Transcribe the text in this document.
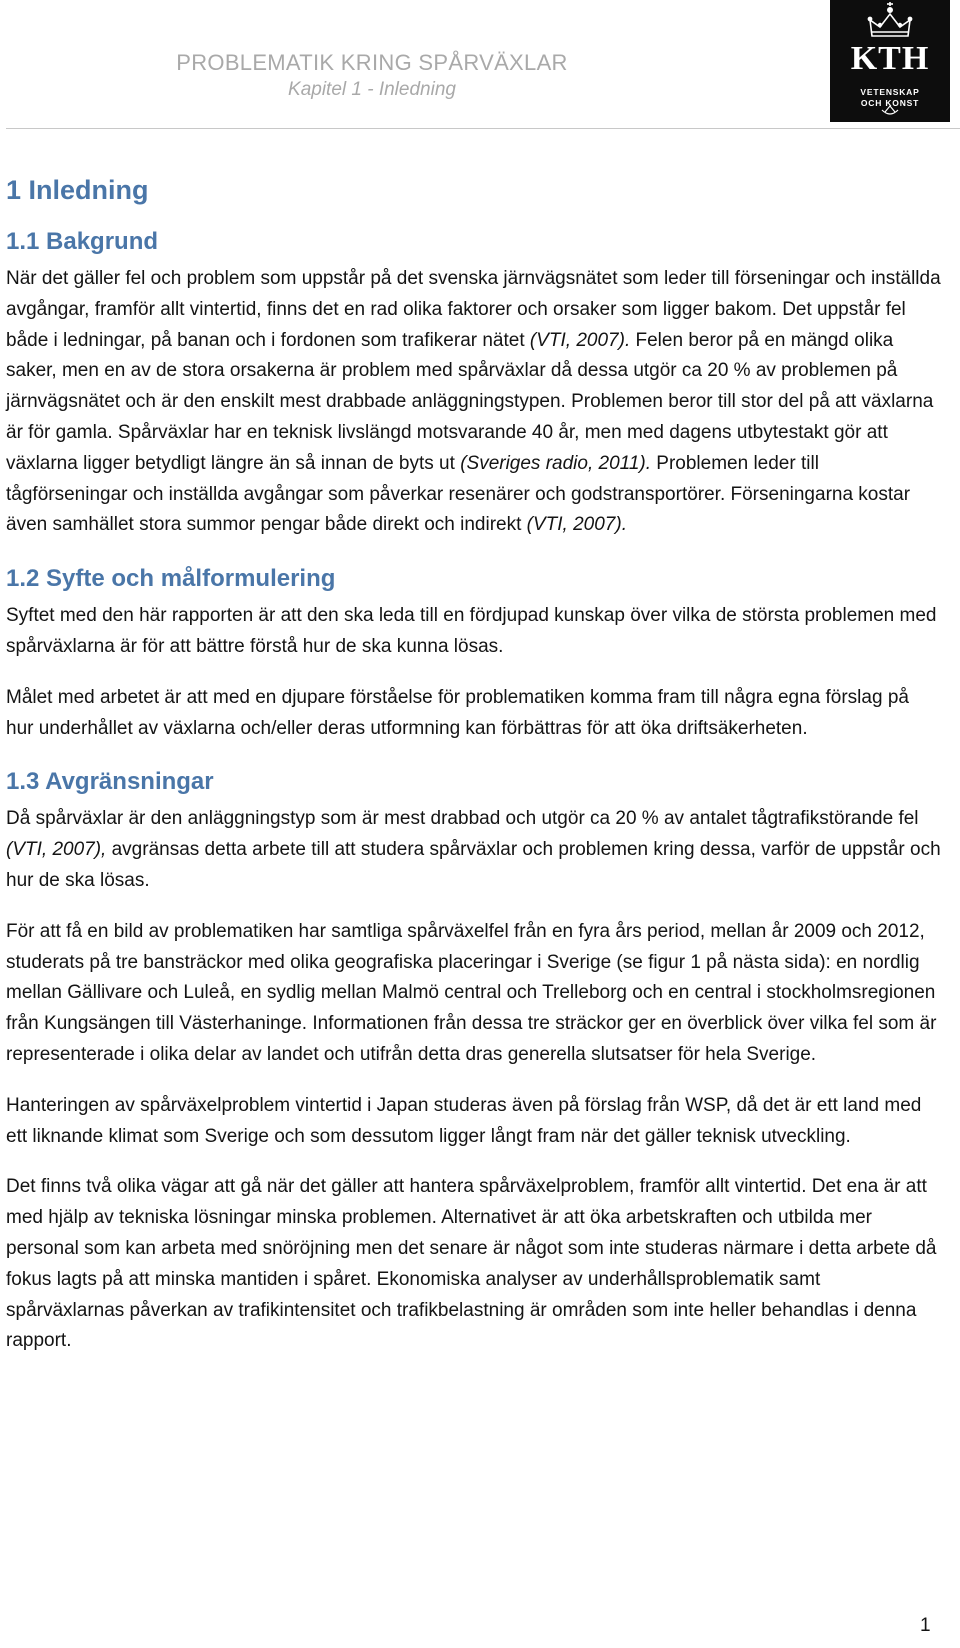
PROBLEMATIK KRING SPÅRVÄXLAR
Kapitel 1 - Inledning
KTH
VETENSKAP
OCH KONST
1 Inledning
1.1 Bakgrund

När det gäller fel och problem som uppstår på det svenska järnvägsnätet som leder till förseningar och inställda avgångar, framför allt vintertid, finns det en rad olika faktorer och orsaker som ligger bakom. Det uppstår fel både i ledningar, på banan och i fordonen som trafikerar nätet (VTI, 2007). Felen beror på en mängd olika saker, men en av de stora orsakerna är problem med spårväxlar då dessa utgör ca 20 % av problemen på järnvägsnätet och är den enskilt mest drabbade anläggningstypen. Problemen beror till stor del på att växlarna är för gamla. Spårväxlar har en teknisk livslängd motsvarande 40 år, men med dagens utbytestakt gör att växlarna ligger betydligt längre än så innan de byts ut (Sveriges radio, 2011). Problemen leder till tågförseningar och inställda avgångar som påverkar resenärer och godstransportörer. Förseningarna kostar även samhället stora summor pengar både direkt och indirekt (VTI, 2007).

1.2 Syfte och målformulering

Syftet med den här rapporten är att den ska leda till en fördjupad kunskap över vilka de största problemen med spårväxlarna är för att bättre förstå hur de ska kunna lösas.

Målet med arbetet är att med en djupare förståelse för problematiken komma fram till några egna förslag på hur underhållet av växlarna och/eller deras utformning kan förbättras för att öka driftsäkerheten.

1.3 Avgränsningar

Då spårväxlar är den anläggningstyp som är mest drabbad och utgör ca 20 % av antalet tågtrafikstörande fel (VTI, 2007), avgränsas detta arbete till att studera spårväxlar och problemen kring dessa, varför de uppstår och hur de ska lösas.

För att få en bild av problematiken har samtliga spårväxelfel från en fyra års period, mellan år 2009 och 2012, studerats på tre bansträckor med olika geografiska placeringar i Sverige (se figur 1 på nästa sida): en nordlig mellan Gällivare och Luleå, en sydlig mellan Malmö central och Trelleborg och en central i stockholmsregionen från Kungsängen till Västerhaninge. Informationen från dessa tre sträckor ger en överblick över vilka fel som är representerade i olika delar av landet och utifrån detta dras generella slutsatser för hela Sverige.

Hanteringen av spårväxelproblem vintertid i Japan studeras även på förslag från WSP, då det är ett land med ett liknande klimat som Sverige och som dessutom ligger långt fram när det gäller teknisk utveckling.

Det finns två olika vägar att gå när det gäller att hantera spårväxelproblem, framför allt vintertid. Det ena är att med hjälp av tekniska lösningar minska problemen. Alternativet är att öka arbetskraften och utbilda mer personal som kan arbeta med snöröjning men det senare är något som inte studeras närmare i detta arbete då fokus lagts på att minska mantiden i spåret. Ekonomiska analyser av underhållsproblematik samt spårväxlarnas påverkan av trafikintensitet och trafikbelastning är områden som inte heller behandlas i denna rapport.

1
